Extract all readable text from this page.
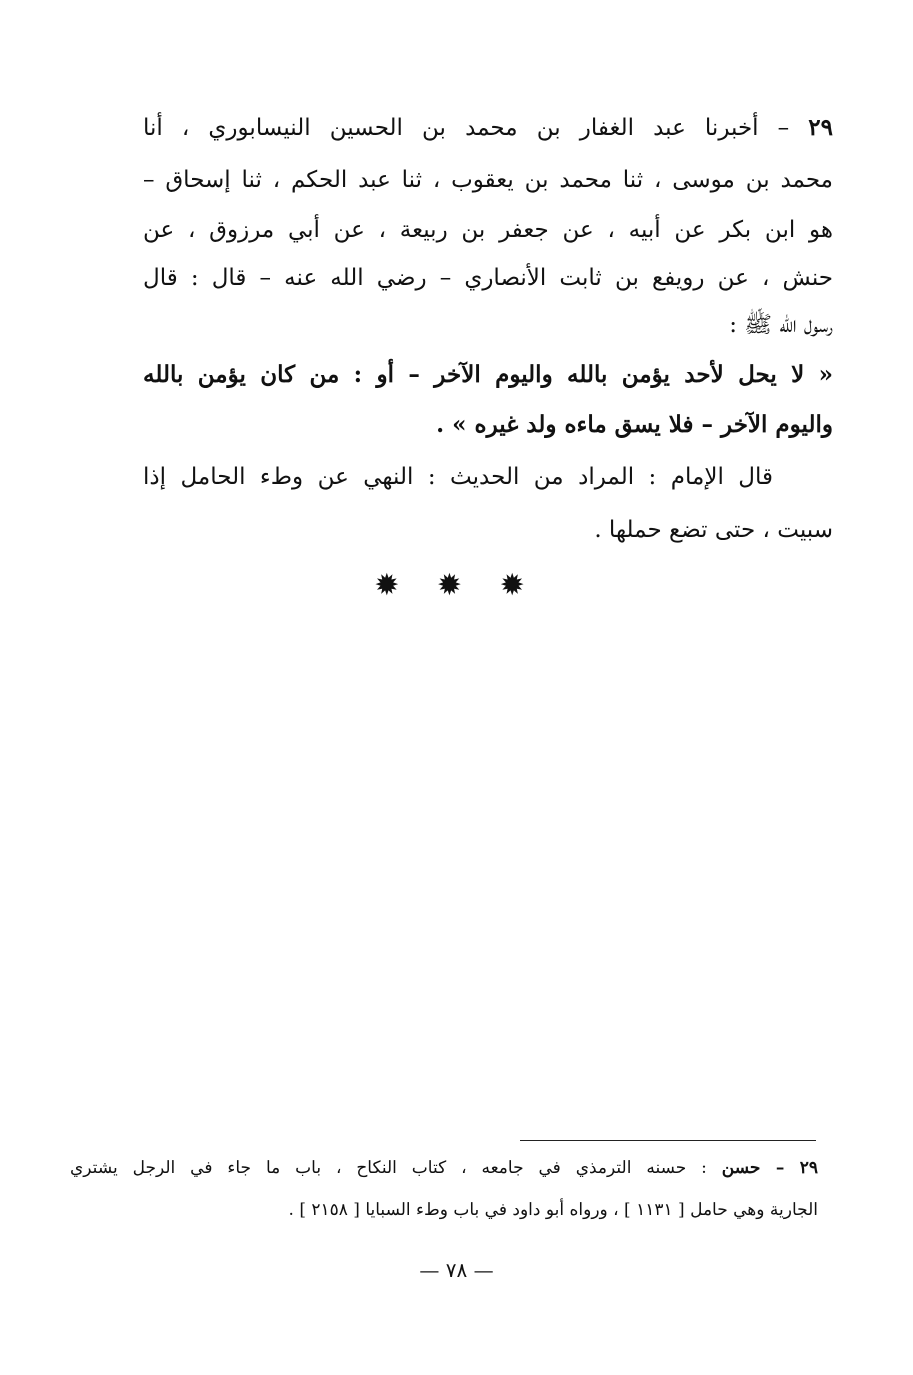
٢٩ – أخبرنا عبد الغفار بن محمد بن الحسين النيسابوري ، أنا
محمد بن موسى ، ثنا محمد بن يعقوب ، ثنا عبد الحكم ، ثنا إسحاق –
هو ابن بكر عن أبيه ، عن جعفر بن ربيعة ، عن أبي مرزوق ، عن
حنش ، عن رويفع بن ثابت الأنصاري – رضي الله عنه – قال : قال
رسول الله ﷺ :
« لا يحل لأحد يؤمن بالله واليوم الآخر – أو : من كان يؤمن بالله
واليوم الآخر – فلا يسق ماءه ولد غيره » .
قال الإمام : المراد من الحديث : النهي عن وطء الحامل إذا
سبيت ، حتى تضع حملها .
✹ ✹ ✹
٢٩ – حسن : حسنه الترمذي في جامعه ، كتاب النكاح ، باب ما جاء في الرجل يشتري
الجارية وهي حامل [ ١١٣١ ] ، ورواه أبو داود في باب وطء السبايا [ ٢١٥٨ ] .
— ٧٨ —
